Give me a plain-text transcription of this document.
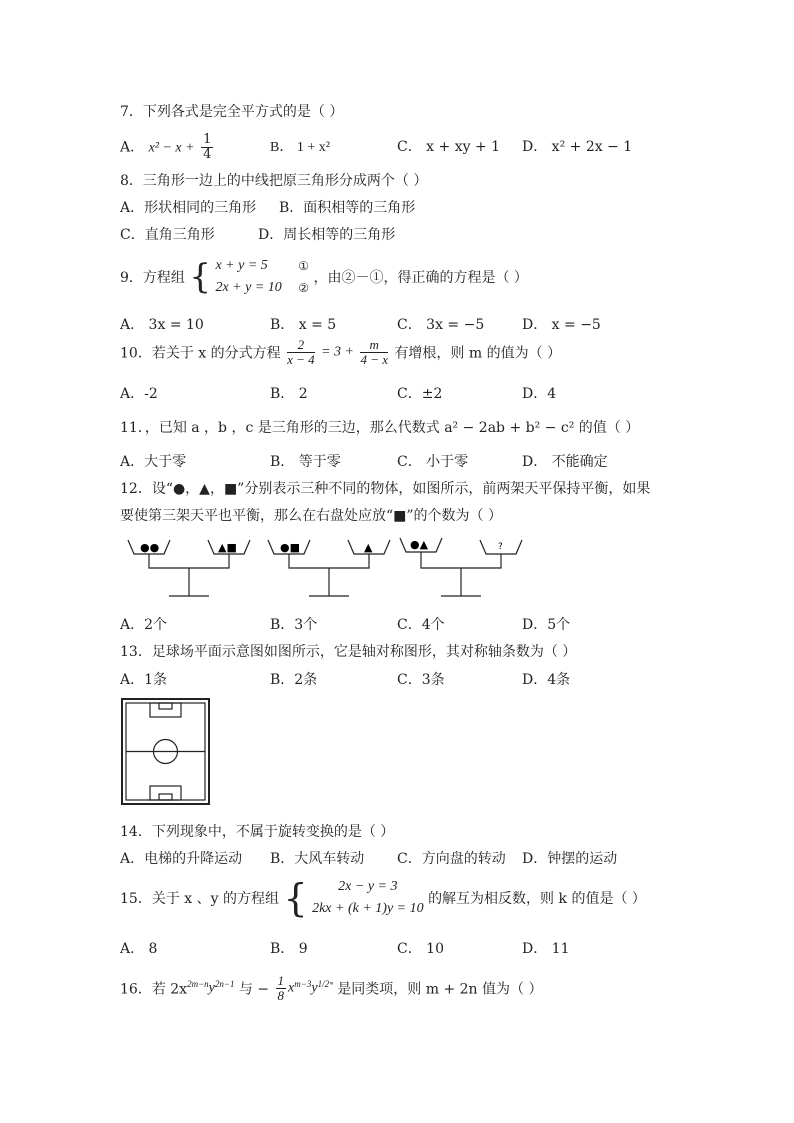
7．下列各式是完全平方式的是（ ）
A． $x^2 - x + \frac{1}{4}$	B． 1 + x²	C． x + xy + 1 D． x² + 2x − 1
8．三角形一边上的中线把原三角形分成两个（ ）
A．形状相同的三角形 B．面积相等的三角形
C．直角三角形	D．周长相等的三角形
9．方程组 { x + y = 5
2x + y = 10

①
②
，由②－①，得正确的方程是（ ）
A． 3x = 10	B． x = 5	C． 3x = −5	D． x = −5
10．若关于 x 的分式方程 $\frac{2}{x - 4} = 3 + \frac{m}{4 - x}$ 有增根，则 m 的值为（ ）
A．-2	B． 2	C．±2	D．4
11．，已知 a ，b ，c 是三角形的三边，那么代数式 a² − 2ab + b² − c² 的值（ ）
A．大于零	B． 等于零	C． 小于零	D． 不能确定
12．设“●，▲，■”分别表示三种不同的物体，如图所示，前两架天平保持平衡，如果
要使第三架天平也平衡，那么在右盘处应放“■”的个数为（ ）
●●	▲■	●■	▲	●▲	?
A．2个	B．3个	C．4个	D．5个
13．足球场平面示意图如图所示，它是轴对称图形，其对称轴条数为（ ）
A．1条	B．2条	C．3条	D．4条
14．下列现象中，不属于旋转变换的是（ ）
A．电梯的升降运动 B．大风车转动 C．方向盘的转动 D．钟摆的运动
15．关于 x 、y 的方程组 {	2x − y = 3
2kx + (k + 1)y = 10
的解互为相反数，则 k 的值是（ ）
A． 8	B． 9	C． 10	D． 11
16．若 $2x^{2m-n}y^{2n-1}$ 与 − $\frac{1}{8} x^{m-3}y^{1/2ᵐ}$ 是同类项，则 m + 2n 值为（ ）
